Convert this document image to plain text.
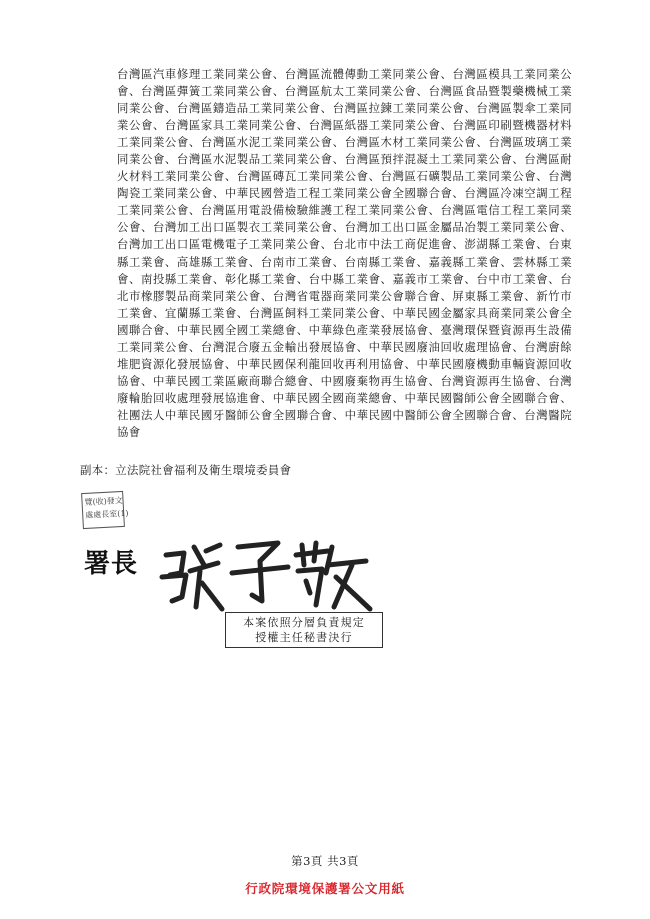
台灣區汽車修理工業同業公會、台灣區流體傳動工業同業公會、台灣區模具工業同業公會、台灣區彈簧工業同業公會、台灣區航太工業同業公會、台灣區食品暨製藥機械工業同業公會、台灣區鑄造品工業同業公會、台灣區拉鍊工業同業公會、台灣區製傘工業同業公會、台灣區家具工業同業公會、台灣區紙器工業同業公會、台灣區印刷暨機器材料工業同業公會、台灣區水泥工業同業公會、台灣區木材工業同業公會、台灣區玻璃工業同業公會、台灣區水泥製品工業同業公會、台灣區預拌混凝土工業同業公會、台灣區耐火材料工業同業公會、台灣區磚瓦工業同業公會、台灣區石礦製品工業同業公會、台灣陶瓷工業同業公會、中華民國營造工程工業同業公會全國聯合會、台灣區冷凍空調工程工業同業公會、台灣區用電設備檢驗維護工程工業同業公會、台灣區電信工程工業同業公會、台灣加工出口區製衣工業同業公會、台灣加工出口區金屬品冶製工業同業公會、台灣加工出口區電機電子工業同業公會、台北市中法工商促進會、澎湖縣工業會、台東縣工業會、高雄縣工業會、台南市工業會、台南縣工業會、嘉義縣工業會、雲林縣工業會、南投縣工業會、彰化縣工業會、台中縣工業會、嘉義市工業會、台中市工業會、台北市橡膠製品商業同業公會、台灣省電器商業同業公會聯合會、屏東縣工業會、新竹市工業會、宜蘭縣工業會、台灣區飼料工業同業公會、中華民國金屬家具商業同業公會全國聯合會、中華民國全國工業總會、中華綠色產業發展協會、臺灣環保暨資源再生設備工業同業公會、台灣混合廢五金輸出發展協會、中華民國廢油回收處理協會、台灣廚餘堆肥資源化發展協會、中華民國保利龍回收再利用協會、中華民國廢機動車輛資源回收協會、中華民國工業區廠商聯合總會、中國廢棄物再生協會、台灣資源再生協會、台灣廢輪胎回收處理發展協進會、中華民國全國商業總會、中華民國醫師公會全國聯合會、社團法人中華民國牙醫師公會全國聯合會、中華民國中醫師公會全國聯合會、台灣醫院協會
副本：立法院社會福利及衛生環境委員會
覽(收)發文
處處長室(1)
署長
本案依照分層負責規定
授權主任秘書決行
第3頁 共3頁
行政院環境保護署公文用紙
